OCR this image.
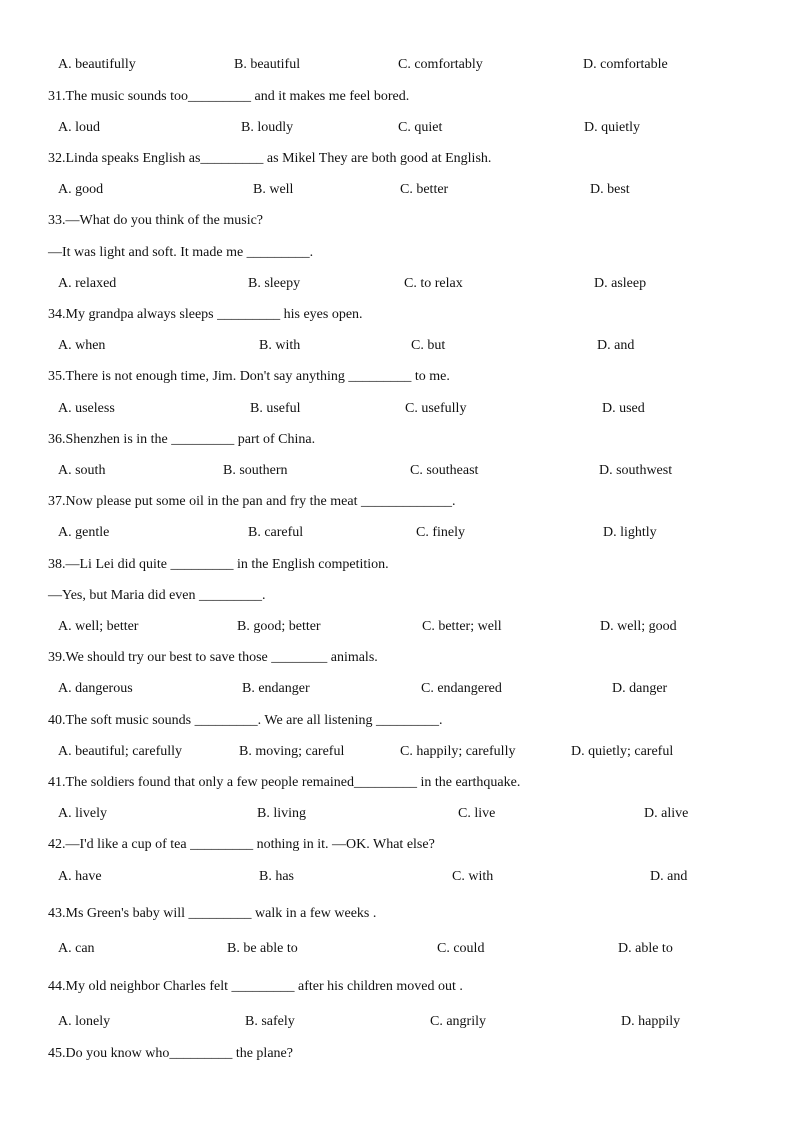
A. beautifully	B. beautiful	C. comfortably	D. comfortable
31.The music sounds too_________ and it makes me feel bored.
A. loud	B. loudly	C. quiet	D. quietly
32.Linda speaks English as_________ as Mikel They are both good at English.
A. good	B. well	C. better	D. best
33.—What do you think of the music?
—It was light and soft. It made me _________.
A. relaxed	B. sleepy	C. to relax	D. asleep
34.My grandpa always sleeps _________ his eyes open.
A. when	B. with	C. but	D. and
35.There is not enough time, Jim. Don't say anything _________ to me.
A. useless	B. useful	C. usefully	D. used
36.Shenzhen is in the _________ part of China.
A. south	B. southern	C. southeast	D. southwest
37.Now please put some oil in the pan and fry the meat _____________.
A. gentle	B. careful	C. finely	D. lightly
38.—Li Lei did quite _________ in the English competition.
—Yes, but Maria did even _________.
A. well; better	B. good; better	C. better; well	D. well; good
39.We should try our best to save those ________ animals.
A. dangerous	B. endanger	C. endangered	D. danger
40.The soft music sounds _________. We are all listening _________.
A. beautiful; carefully	B. moving; careful	C. happily; carefully	D. quietly; careful
41.The soldiers found that only a few people remained_________ in the earthquake.
A. lively	B. living	C. live	D. alive
42.—I'd like a cup of tea _________ nothing in it. —OK. What else?
A. have	B. has	C. with	D. and
43.Ms Green's baby will _________ walk in a few weeks .
A. can	B. be able to	C. could	D. able to
44.My old neighbor Charles felt _________ after his children moved out .
A. lonely	B. safely	C. angrily	D. happily
45.Do you know who_________ the plane?
